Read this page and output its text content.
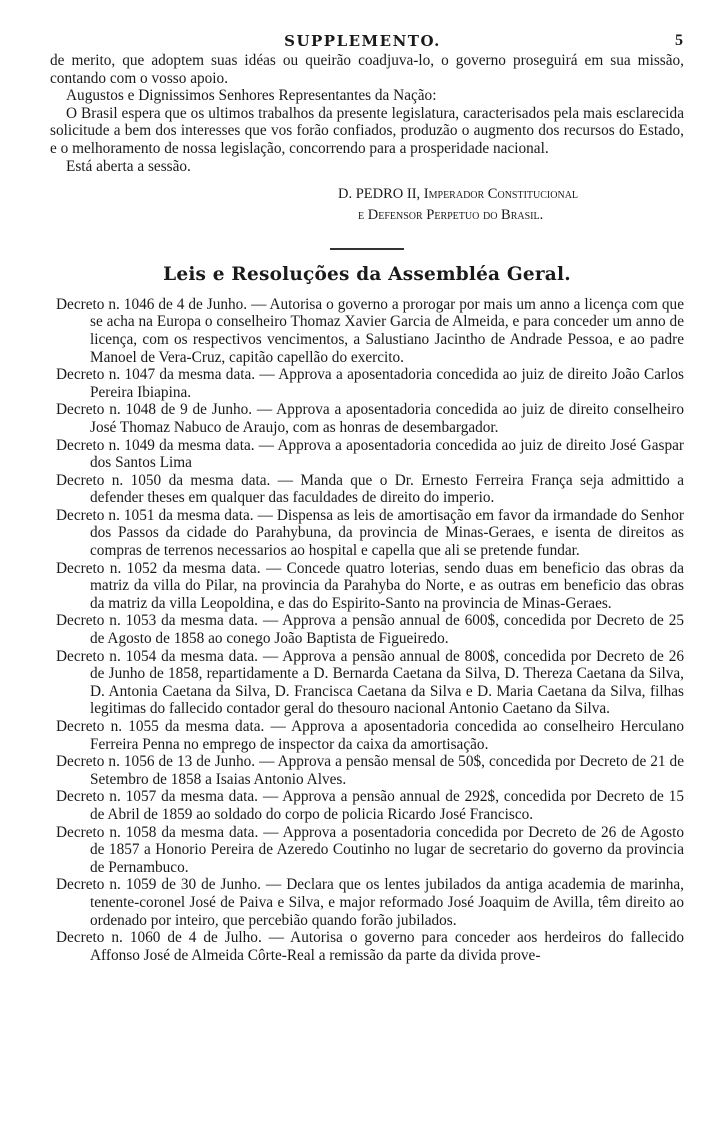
SUPPLEMENTO.	5

de merito, que adoptem suas idéas ou queirão coadjuva-lo, o governo proseguirá em sua missão, contando com o vosso apoio.

Augustos e Dignissimos Senhores Representantes da Nação:

O Brasil espera que os ultimos trabalhos da presente legislatura, caracterisados pela mais esclarecida solicitude a bem dos interesses que vos forão confiados, produzão o augmento dos recursos do Estado, e o melhoramento de nossa legislação, concorrendo para a prosperidade nacional.

Está aberta a sessão.

D. PEDRO II, Imperador Constitucional
e Defensor Perpetuo do Brasil.
Leis e Resoluções da Assembléa Geral.

Decreto n. 1046 de 4 de Junho. — Autorisa o governo a prorogar por mais um anno a licença com que se acha na Europa o conselheiro Thomaz Xavier Garcia de Almeida, e para conceder um anno de licença, com os respectivos vencimentos, a Salustiano Jacintho de Andrade Pessoa, e ao padre Manoel de Vera-Cruz, capitão capellão do exercito.

Decreto n. 1047 da mesma data. — Approva a aposentadoria concedida ao juiz de direito João Carlos Pereira Ibiapina.

Decreto n. 1048 de 9 de Junho. — Approva a aposentadoria concedida ao juiz de direito conselheiro José Thomaz Nabuco de Araujo, com as honras de desembargador.

Decreto n. 1049 da mesma data. — Approva a aposentadoria concedida ao juiz de direito José Gaspar dos Santos Lima

Decreto n. 1050 da mesma data. — Manda que o Dr. Ernesto Ferreira França seja admittido a defender theses em qualquer das faculdades de direito do imperio.

Decreto n. 1051 da mesma data. — Dispensa as leis de amortisação em favor da irmandade do Senhor dos Passos da cidade do Parahybuna, da provincia de Minas-Geraes, e isenta de direitos as compras de terrenos necessarios ao hospital e capella que ali se pretende fundar.

Decreto n. 1052 da mesma data. — Concede quatro loterias, sendo duas em beneficio das obras da matriz da villa do Pilar, na provincia da Parahyba do Norte, e as outras em beneficio das obras da matriz da villa Leopoldina, e das do Espirito-Santo na provincia de Minas-Geraes.

Decreto n. 1053 da mesma data. — Approva a pensão annual de 600$, concedida por Decreto de 25 de Agosto de 1858 ao conego João Baptista de Figueiredo.

Decreto n. 1054 da mesma data. — Approva a pensão annual de 800$, concedida por Decreto de 26 de Junho de 1858, repartidamente a D. Bernarda Caetana da Silva, D. Thereza Caetana da Silva, D. Antonia Caetana da Silva, D. Francisca Caetana da Silva e D. Maria Caetana da Silva, filhas legitimas do fallecido contador geral do thesouro nacional Antonio Caetano da Silva.

Decreto n. 1055 da mesma data. — Approva a aposentadoria concedida ao conselheiro Herculano Ferreira Penna no emprego de inspector da caixa da amortisação.

Decreto n. 1056 de 13 de Junho. — Approva a pensão mensal de 50$, concedida por Decreto de 21 de Setembro de 1858 a Isaias Antonio Alves.

Decreto n. 1057 da mesma data. — Approva a pensão annual de 292$, concedida por Decreto de 15 de Abril de 1859 ao soldado do corpo de policia Ricardo José Francisco.

Decreto n. 1058 da mesma data. — Approva a posentadoria concedida por Decreto de 26 de Agosto de 1857 a Honorio Pereira de Azeredo Coutinho no lugar de secretario do governo da provincia de Pernambuco.

Decreto n. 1059 de 30 de Junho. — Declara que os lentes jubilados da antiga academia de marinha, tenente-coronel José de Paiva e Silva, e major reformado José Joaquim de Avilla, têm direito ao ordenado por inteiro, que percebião quando forão jubilados.

Decreto n. 1060 de 4 de Julho. — Autorisa o governo para conceder aos herdeiros do fallecido Affonso José de Almeida Côrte-Real a remissão da parte da divida prove-
